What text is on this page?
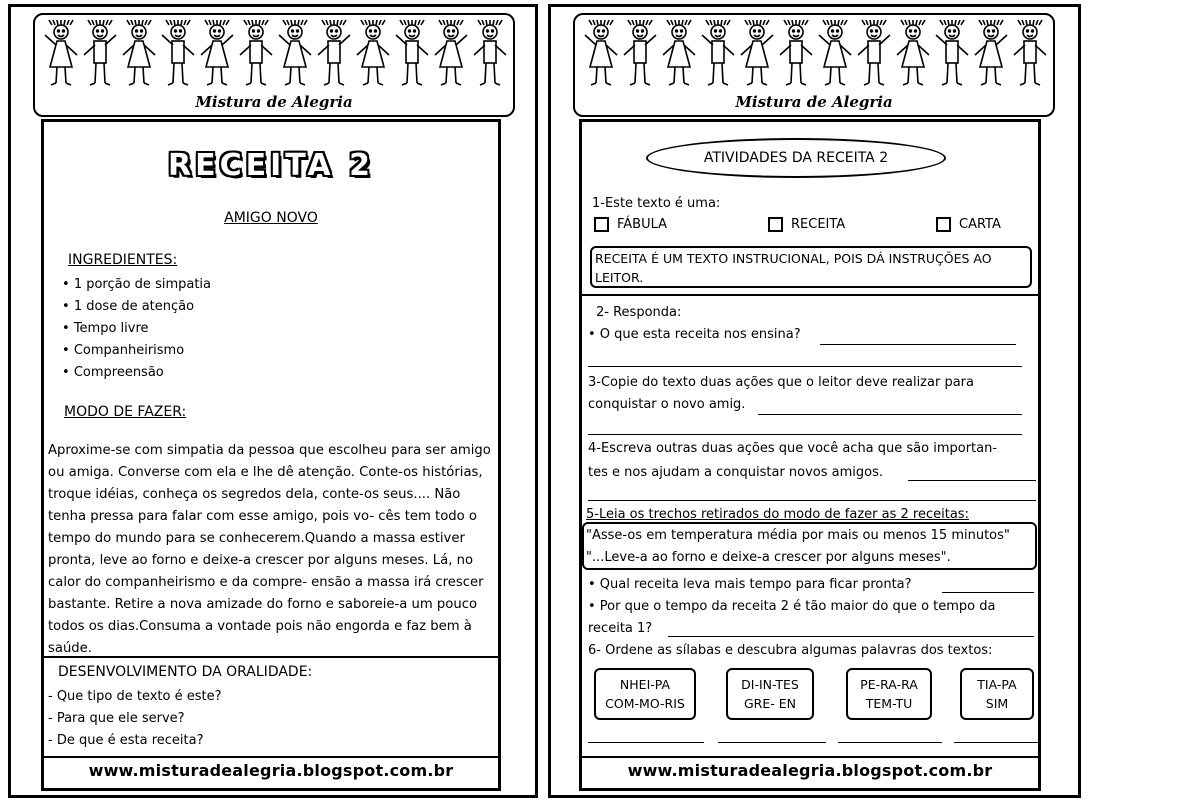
Mistura de Alegria
RECEITA 2
AMIGO NOVO
INGREDIENTES:
• 1 porção de simpatia
• 1 dose de atenção
• Tempo livre
• Companheirismo
• Compreensão
MODO DE FAZER:
Aproxime-se com simpatia da pessoa que escolheu para ser amigo ou amiga. Converse com ela e lhe dê atenção. Conte-os histórias, troque idéias, conheça os segredos dela, conte-os seus.... Não tenha pressa para falar com esse amigo, pois vo- cês tem todo o tempo do mundo para se conhecerem.Quando a massa estiver pronta, leve ao forno e deixe-a crescer por alguns meses. Lá, no calor do companheirismo e da compre- ensão a massa irá crescer bastante. Retire a nova amizade do forno e saboreie-a um pouco todos os dias.Consuma a vontade pois não engorda e faz bem à saúde.
DESENVOLVIMENTO DA ORALIDADE:
- Que tipo de texto é este?
- Para que ele serve?
- De que é esta receita?
www.misturadealegria.blogspot.com.br
Mistura de Alegria
ATIVIDADES DA RECEITA 2
1-Este texto é uma:
FÁBULA	RECEITA	CARTA
RECEITA É UM TEXTO INSTRUCIONAL, POIS DÁ INSTRUÇÕES AO LEITOR.
2- Responda:
• O que esta receita nos ensina?
3-Copie do texto duas ações que o leitor deve realizar para
conquistar o novo amig.
4-Escreva outras duas ações que você acha que são importan-
tes e nos ajudam a conquistar novos amigos.
5-Leia os trechos retirados do modo de fazer as 2 receitas:
"Asse-os em temperatura média por mais ou menos 15 minutos"
"...Leve-a ao forno e deixe-a crescer por alguns meses".
• Qual receita leva mais tempo para ficar pronta?
• Por que o tempo da receita 2 é tão maior do que o tempo da
receita 1?
6- Ordene as sílabas e descubra algumas palavras dos textos:
NHEI-PA
COM-MO-RIS
DI-IN-TES
GRE- EN
PE-RA-RA
TEM-TU
TIA-PA
SIM
www.misturadealegria.blogspot.com.br
